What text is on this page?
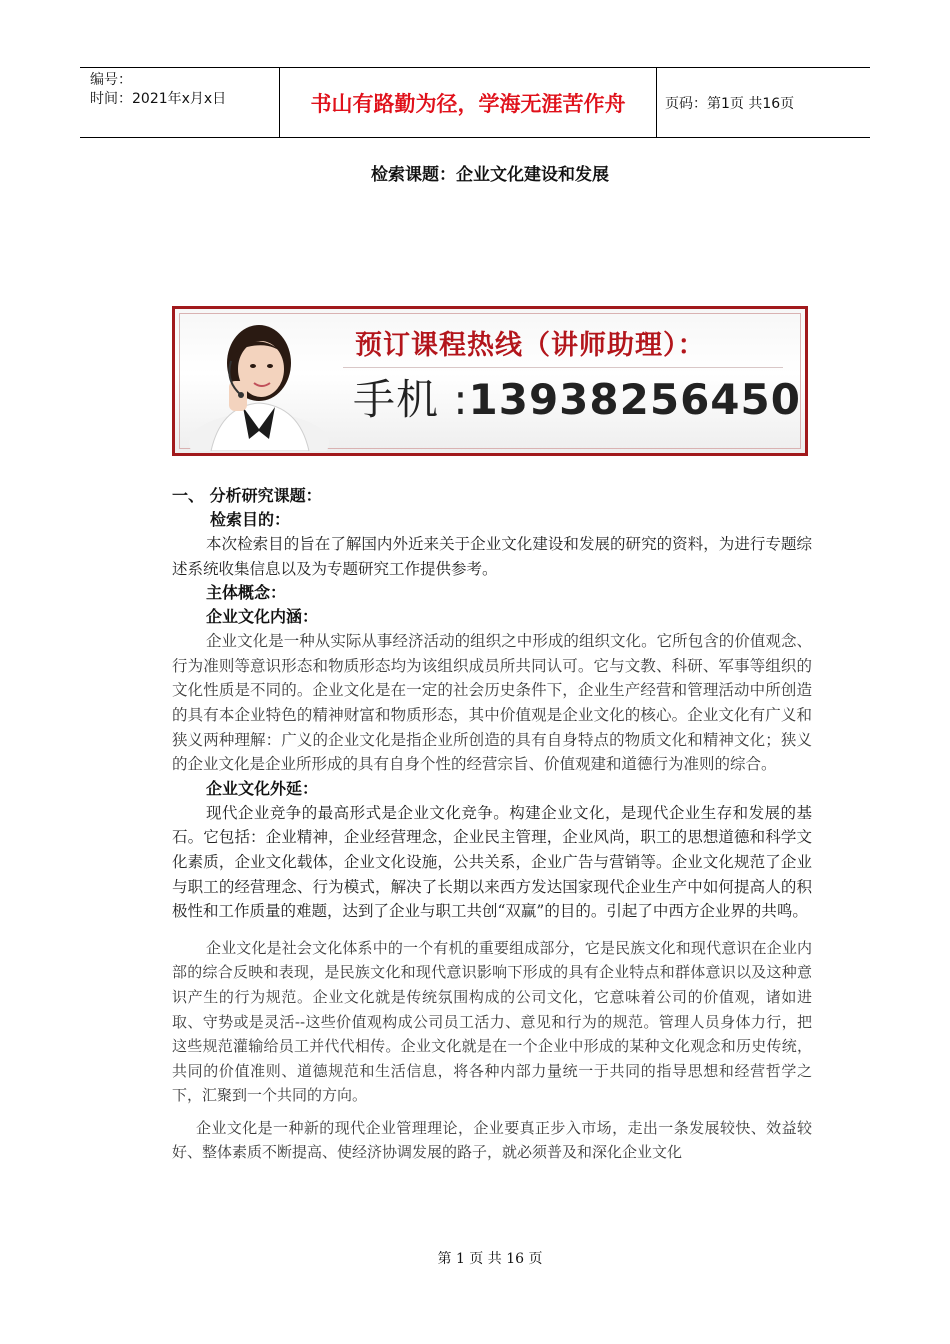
编号：
时间：2021年x月x日	书山有路勤为径，学海无涯苦作舟	页码：第1页 共16页
检索课题：企业文化建设和发展
预订课程热线（讲师助理）：
手机 :13938256450

一、 分析研究课题：

检索目的：

本次检索目的旨在了解国内外近来关于企业文化建设和发展的研究的资料，为进行专题综述系统收集信息以及为专题研究工作提供参考。

主体概念：

企业文化内涵：

企业文化是一种从实际从事经济活动的组织之中形成的组织文化。它所包含的价值观念、行为准则等意识形态和物质形态均为该组织成员所共同认可。它与文教、科研、军事等组织的文化性质是不同的。企业文化是在一定的社会历史条件下，企业生产经营和管理活动中所创造的具有本企业特色的精神财富和物质形态，其中价值观是企业文化的核心。企业文化有广义和狭义两种理解：广义的企业文化是指企业所创造的具有自身特点的物质文化和精神文化；狭义的企业文化是企业所形成的具有自身个性的经营宗旨、价值观建和道德行为准则的综合。

企业文化外延：

现代企业竞争的最高形式是企业文化竞争。构建企业文化，是现代企业生存和发展的基石。它包括：企业精神，企业经营理念，企业民主管理，企业风尚，职工的思想道德和科学文化素质，企业文化载体，企业文化设施，公共关系，企业广告与营销等。企业文化规范了企业与职工的经营理念、行为模式，解决了长期以来西方发达国家现代企业生产中如何提高人的积极性和工作质量的难题，达到了企业与职工共创“双赢”的目的。引起了中西方企业界的共鸣。

企业文化是社会文化体系中的一个有机的重要组成部分，它是民族文化和现代意识在企业内部的综合反映和表现，是民族文化和现代意识影响下形成的具有企业特点和群体意识以及这种意识产生的行为规范。企业文化就是传统氛围构成的公司文化，它意味着公司的价值观，诸如进取、守势或是灵活--这些价值观构成公司员工活力、意见和行为的规范。管理人员身体力行，把这些规范灌输给员工并代代相传。企业文化就是在一个企业中形成的某种文化观念和历史传统，共同的价值准则、道德规范和生活信息，将各种内部力量统一于共同的指导思想和经营哲学之下，汇聚到一个共同的方向。

企业文化是一种新的现代企业管理理论，企业要真正步入市场，走出一条发展较快、效益较好、整体素质不断提高、使经济协调发展的路子，就必须普及和深化企业文化

第 1 页 共 16 页
